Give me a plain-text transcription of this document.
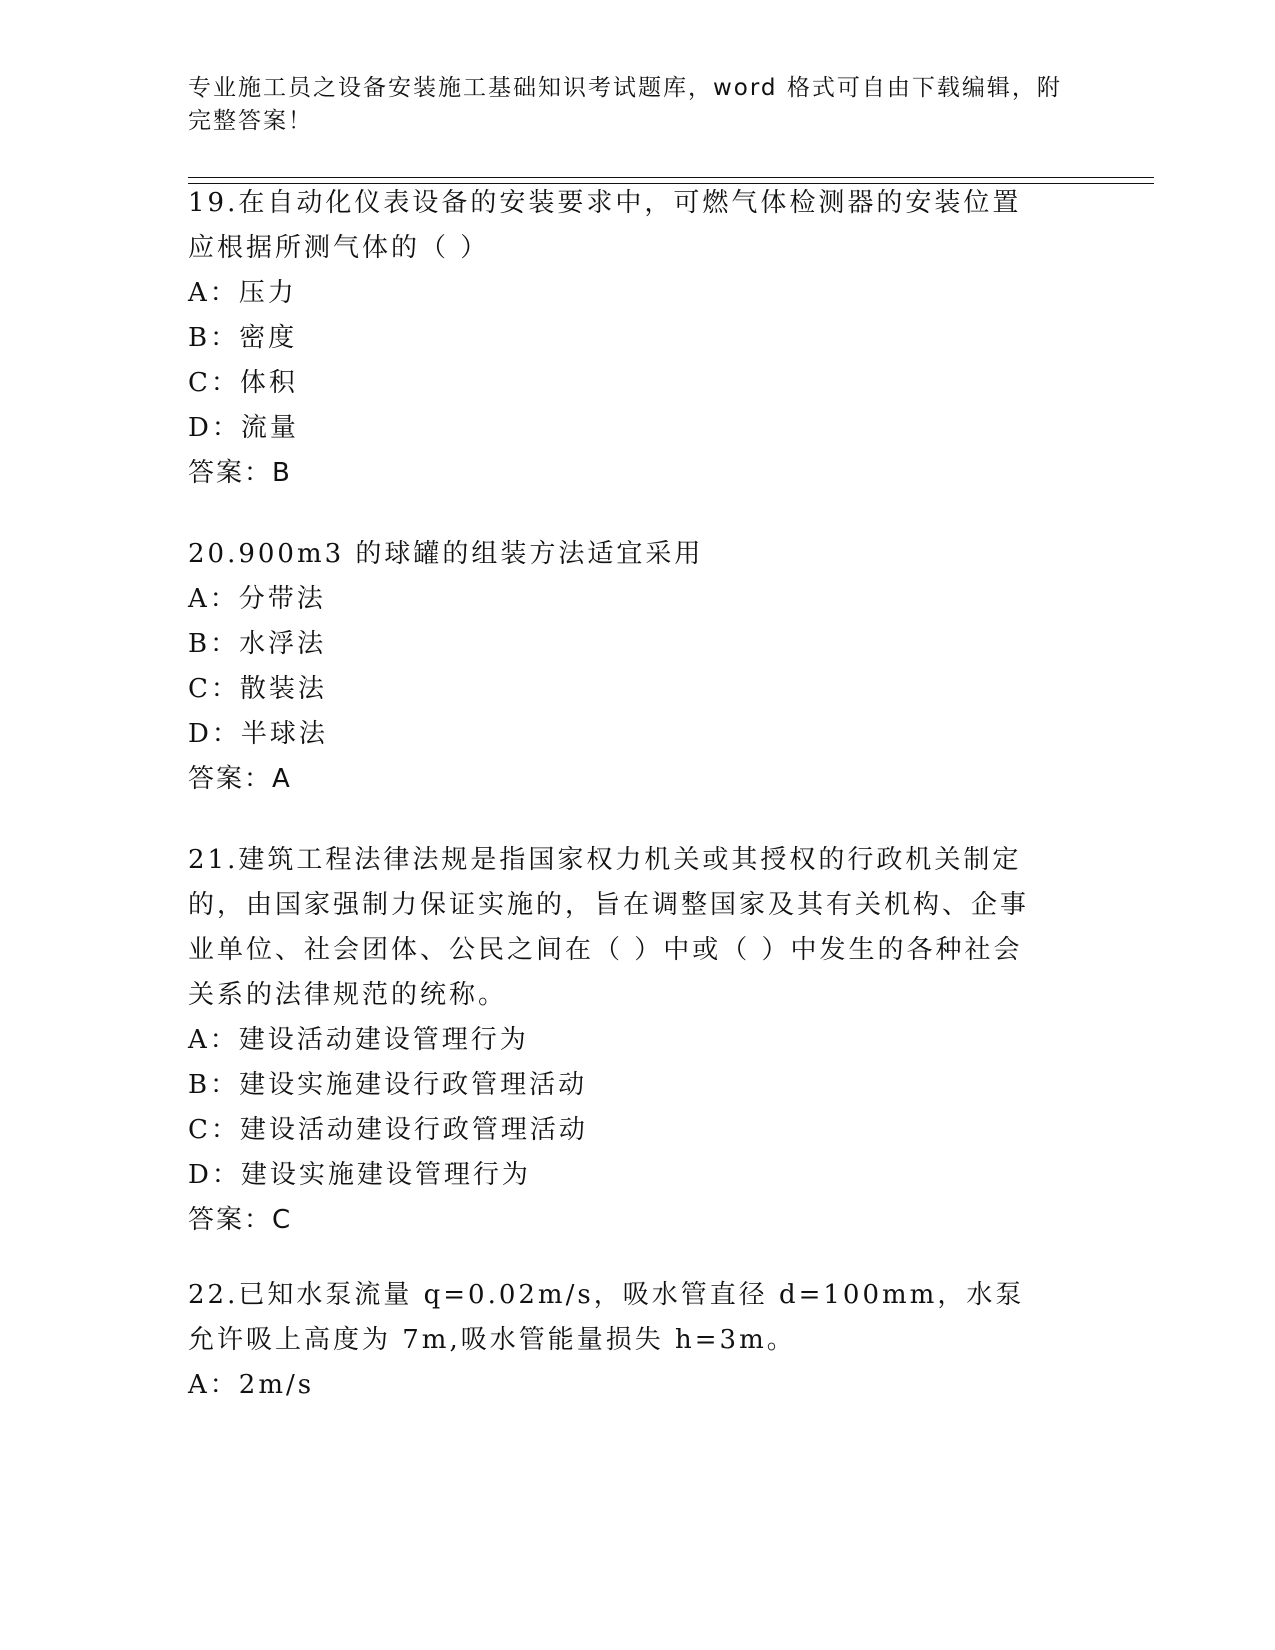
专业施工员之设备安装施工基础知识考试题库，word 格式可自由下载编辑，附完整答案！
19.在自动化仪表设备的安装要求中，可燃气体检测器的安装位置应根据所测气体的（ ）
A：压力
B：密度
C：体积
D：流量
答案：B
20.900m3 的球罐的组装方法适宜采用
A：分带法
B：水浮法
C：散装法
D：半球法
答案：A
21.建筑工程法律法规是指国家权力机关或其授权的行政机关制定的，由国家强制力保证实施的，旨在调整国家及其有关机构、企事业单位、社会团体、公民之间在（ ）中或（ ）中发生的各种社会关系的法律规范的统称。
A：建设活动建设管理行为
B：建设实施建设行政管理活动
C：建设活动建设行政管理活动
D：建设实施建设管理行为
答案：C
22.已知水泵流量 q=0.02m/s，吸水管直径 d=100mm，水泵允许吸上高度为 7m,吸水管能量损失 h=3m。
A：2m/s
